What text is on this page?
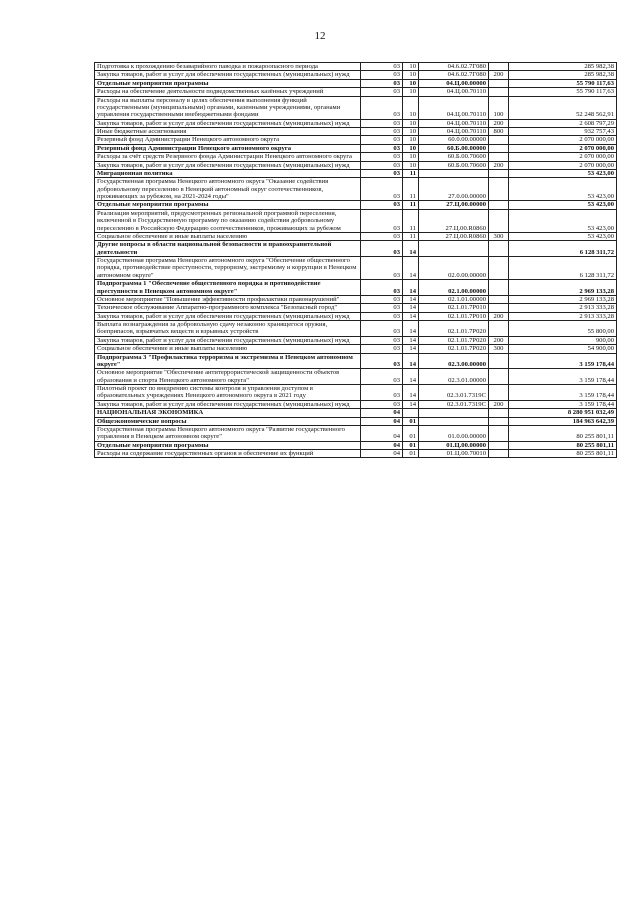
12
Подготовка к прохождению безаварийного паводка и пожароопасного периода	03	10	04.6.02.7Г080		285 982,38
Закупка товаров, работ и услуг для обеспечения государственных (муниципальных) нужд	03	10	04.6.02.7Г080	200	285 982,38
Отдельные мероприятия программы	03	10	04.Ц.00.00000		55 790 117,63
Расходы на обеспечение деятельности подведомственных казённых учреждений	03	10	04.Ц.00.70110		55 790 117,63
Расходы на выплаты персоналу в целях обеспечения выполнения функций государственными (муниципальными) органами, казенными учреждениями, органами управления государственными внебюджетными фондами	03	10	04.Ц.00.70110	100	52 248 562,91
Закупка товаров, работ и услуг для обеспечения государственных (муниципальных) нужд	03	10	04.Ц.00.70110	200	2 608 797,29
Иные бюджетные ассигнования	03	10	04.Ц.00.70110	800	932 757,43
Резервный фонд Администрации Ненецкого автономного округа	03	10	60.0.00.00000		2 070 000,00
Резервный фонд Администрации Ненецкого автономного округа	03	10	60.Б.00.00000		2 070 000,00
Расходы за счёт средств Резервного фонда Администрации Ненецкого автономного округа	03	10	60.Б.00.70600		2 070 000,00
Закупка товаров, работ и услуг для обеспечения государственных (муниципальных) нужд	03	10	60.Б.00.70600	200	2 070 000,00
Миграционная политика	03	11			53 423,00
Государственная программа Ненецкого автономного округа "Оказание содействия добровольному переселению в Ненецкий автономный округ соотечественников, проживающих за рубежом, на 2021-2024 годы"	03	11	27.0.00.00000		53 423,00
Отдельные мероприятия программы	03	11	27.Ц.00.00000		53 423,00
Реализация мероприятий, предусмотренных региональной программой переселения, включенной в Государственную программу по оказанию содействия добровольному переселению в Российскую Федерацию соотечественников, проживающих за рубежом	03	11	27.Ц.00.R0860		53 423,00
Социальное обеспечение и иные выплаты населению	03	11	27.Ц.00.R0860	300	53 423,00
Другие вопросы в области национальной безопасности и правоохранительной деятельности	03	14			6 128 311,72
Государственная программа Ненецкого автономного округа "Обеспечение общественного порядка, противодействие преступности, терроризму, экстремизму и коррупции в Ненецком автономном округе"	03	14	02.0.00.00000		6 128 311,72
Подпрограмма 1 "Обеспечение общественного порядка и противодействие преступности в Ненецком автономном округе"	03	14	02.1.00.00000		2 969 133,28
Основное мероприятие "Повышение эффективности профилактики правонарушений"	03	14	02.1.01.00000		2 969 133,28
Техническое обслуживание Аппаратно-программного комплекса "Безопасный город"	03	14	02.1.01.7Р010		2 913 333,28
Закупка товаров, работ и услуг для обеспечения государственных (муниципальных) нужд	03	14	02.1.01.7Р010	200	2 913 333,28
Выплата вознаграждения за добровольную сдачу незаконно хранящегося оружия, боеприпасов, взрывчатых веществ и взрывных устройств	03	14	02.1.01.7Р020		55 800,00
Закупка товаров, работ и услуг для обеспечения государственных (муниципальных) нужд	03	14	02.1.01.7Р020	200	900,00
Социальное обеспечение и иные выплаты населению	03	14	02.1.01.7Р020	300	54 900,00
Подпрограмма 3 "Профилактика терроризма и экстремизма в Ненецком автономном округе"	03	14	02.3.00.00000		3 159 178,44
Основное мероприятие "Обеспечение антитеррористической защищенности объектов образования и спорта Ненецкого автономного округа"	03	14	02.3.01.00000		3 159 178,44
Пилотный проект по внедрению системы контроля и управления доступом в образовательных учреждениях Ненецкого автономного округа в 2021 году	03	14	02.3.01.7319С		3 159 178,44
Закупка товаров, работ и услуг для обеспечения государственных (муниципальных) нужд	03	14	02.3.01.7319С	200	3 159 178,44
НАЦИОНАЛЬНАЯ ЭКОНОМИКА	04				8 280 951 032,49
Общеэкономические вопросы	04	01			184 963 642,39
Государственная программа Ненецкого автономного округа "Развитие государственного управления в Ненецком автономном округе"	04	01	01.0.00.00000		80 255 801,11
Отдельные мероприятия программы	04	01	01.Ц.00.00000		80 255 801,11
Расходы на содержание государственных органов и обеспечение их функций	04	01	01.Ц.00.70010		80 255 801,11
